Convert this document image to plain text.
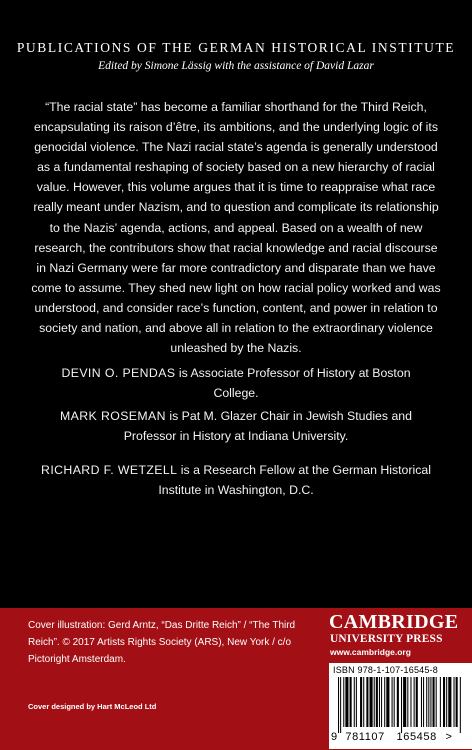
PUBLICATIONS OF THE GERMAN HISTORICAL INSTITUTE
Edited by Simone Lässig with the assistance of David Lazar

“The racial state” has become a familiar shorthand for the Third Reich, encapsulating its raison d’être, its ambitions, and the underlying logic of its genocidal violence. The Nazi racial state’s agenda is generally understood as a fundamental reshaping of society based on a new hierarchy of racial value. However, this volume argues that it is time to reappraise what race really meant under Nazism, and to question and complicate its relationship to the Nazis’ agenda, actions, and appeal. Based on a wealth of new research, the contributors show that racial knowledge and racial discourse in Nazi Germany were far more contradictory and disparate than we have come to assume. They shed new light on how racial policy worked and was understood, and consider race’s function, content, and power in relation to society and nation, and above all in relation to the extraordinary violence unleashed by the Nazis.

DEVIN O. PENDAS is Associate Professor of History at Boston College.

MARK ROSEMAN is Pat M. Glazer Chair in Jewish Studies and Professor in History at Indiana University.

RICHARD F. WETZELL is a Research Fellow at the German Historical Institute in Washington, D.C.

Cover illustration: Gerd Arntz, “Das Dritte Reich” / “The Third Reich”. © 2017 Artists Rights Society (ARS), New York / c/o Pictoright Amsterdam.

Cover designed by Hart McLeod Ltd
CAMBRIDGE
UNIVERSITY PRESS
www.cambridge.org
ISBN 978-1-107-16545-8
9 781107 165458 >
